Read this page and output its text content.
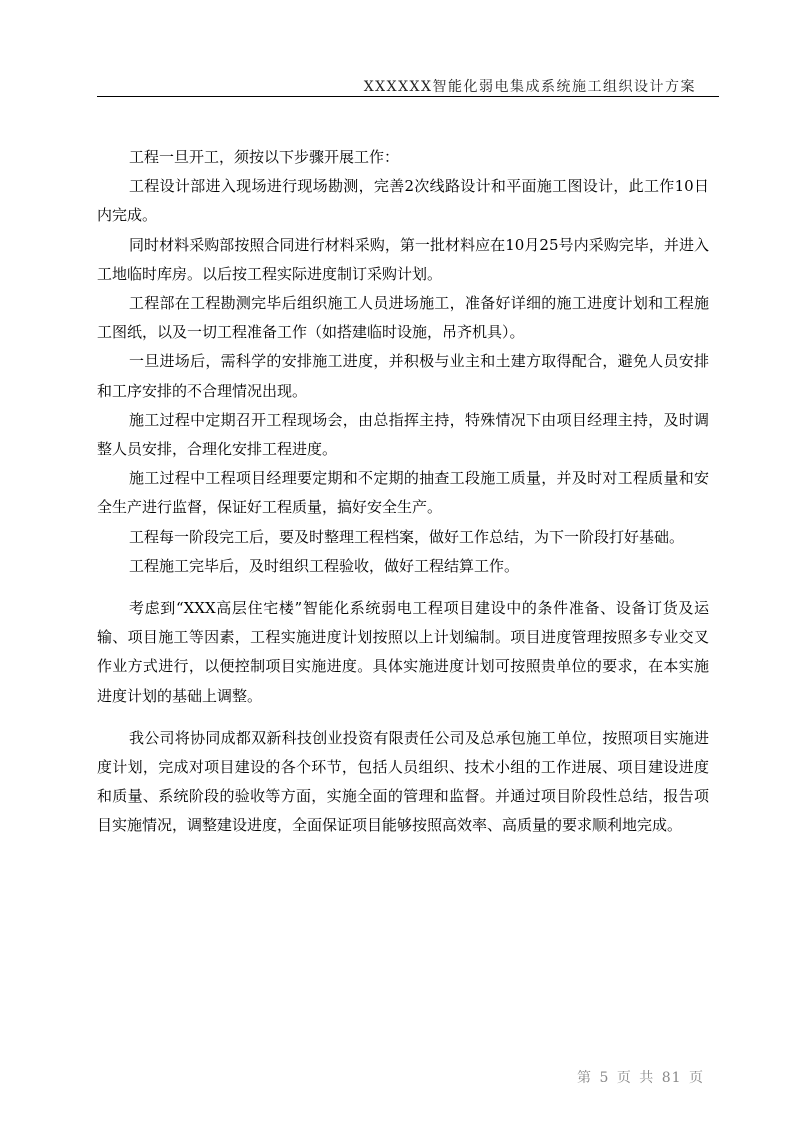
XXXXXX智能化弱电集成系统施工组织设计方案

工程一旦开工，须按以下步骤开展工作：

工程设计部进入现场进行现场勘测，完善2次线路设计和平面施工图设计，此工作10日内完成。

同时材料采购部按照合同进行材料采购，第一批材料应在10月25号内采购完毕，并进入工地临时库房。以后按工程实际进度制订采购计划。

工程部在工程勘测完毕后组织施工人员进场施工，准备好详细的施工进度计划和工程施工图纸，以及一切工程准备工作（如搭建临时设施，吊齐机具）。

一旦进场后，需科学的安排施工进度，并积极与业主和土建方取得配合，避免人员安排和工序安排的不合理情况出现。

施工过程中定期召开工程现场会，由总指挥主持，特殊情况下由项目经理主持，及时调整人员安排，合理化安排工程进度。

施工过程中工程项目经理要定期和不定期的抽查工段施工质量，并及时对工程质量和安全生产进行监督，保证好工程质量，搞好安全生产。

工程每一阶段完工后，要及时整理工程档案，做好工作总结，为下一阶段打好基础。

工程施工完毕后，及时组织工程验收，做好工程结算工作。

考虑到“XXX高层住宅楼”智能化系统弱电工程项目建设中的条件准备、设备订货及运输、项目施工等因素，工程实施进度计划按照以上计划编制。项目进度管理按照多专业交叉作业方式进行，以便控制项目实施进度。具体实施进度计划可按照贵单位的要求，在本实施进度计划的基础上调整。

我公司将协同成都双新科技创业投资有限责任公司及总承包施工单位，按照项目实施进度计划，完成对项目建设的各个环节，包括人员组织、技术小组的工作进展、项目建设进度和质量、系统阶段的验收等方面，实施全面的管理和监督。并通过项目阶段性总结，报告项目实施情况，调整建设进度，全面保证项目能够按照高效率、高质量的要求顺利地完成。

第 5 页 共 81 页
